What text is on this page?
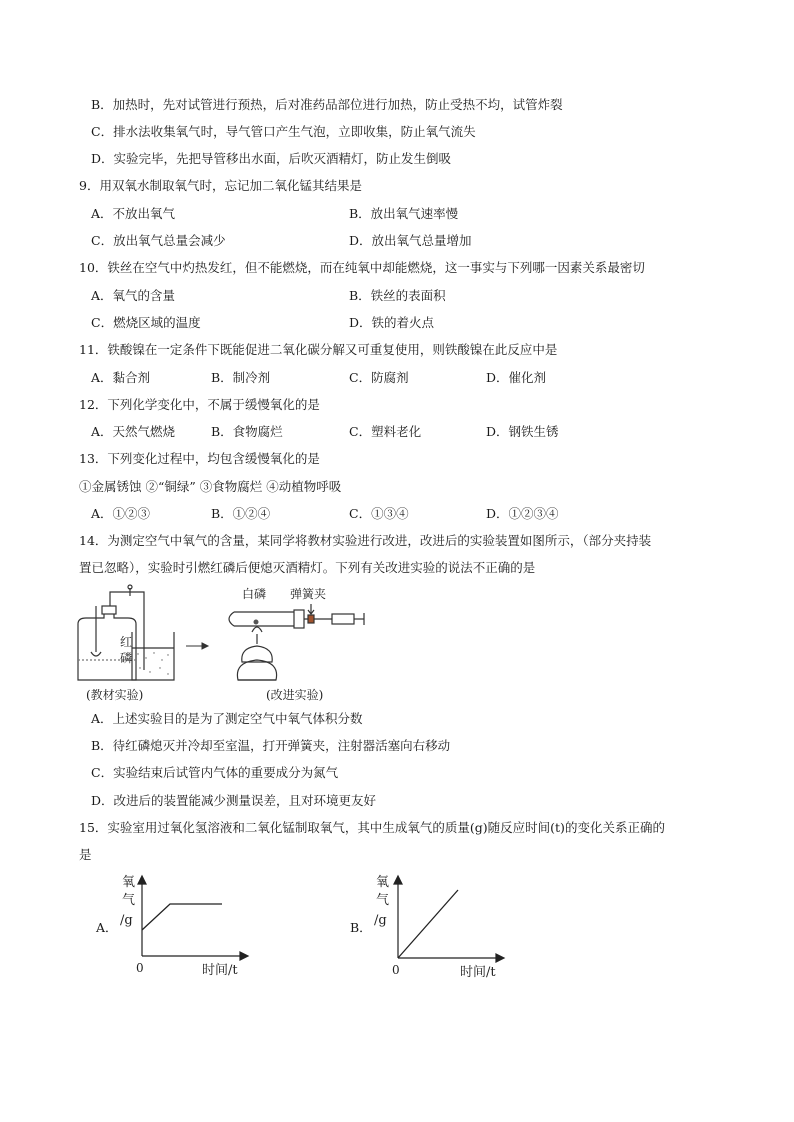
B．加热时，先对试管进行预热，后对准药品部位进行加热，防止受热不均，试管炸裂
C．排水法收集氧气时，导气管口产生气泡，立即收集，防止氧气流失
D．实验完毕，先把导管移出水面，后吹灭酒精灯，防止发生倒吸
9．用双氧水制取氧气时，忘记加二氧化锰其结果是
A．不放出氧气	B．放出氧气速率慢
C．放出氧气总量会减少	D．放出氧气总量增加
10．铁丝在空气中灼热发红，但不能燃烧，而在纯氧中却能燃烧，这一事实与下列哪一因素关系最密切
A．氧气的含量	B．铁丝的表面积
C．燃烧区域的温度	D．铁的着火点
11．铁酸镍在一定条件下既能促进二氧化碳分解又可重复使用，则铁酸镍在此反应中是
A．黏合剂	B．制冷剂	C．防腐剂	D．催化剂
12．下列化学变化中，不属于缓慢氧化的是
A．天然气燃烧	B．食物腐烂	C．塑料老化	D．钢铁生锈
13．下列变化过程中，均包含缓慢氧化的是
①金属锈蚀 ②“铜绿” ③食物腐烂 ④动植物呼吸
A．①②③	B．①②④	C．①③④	D．①②③④
14．为测定空气中氧气的含量，某同学将教材实验进行改进，改进后的实验装置如图所示，（部分夹持装
置已忽略），实验时引燃红磷后便熄灭酒精灯。下列有关改进实验的说法不正确的是
红
磷
(教材实验)
白磷 弹簧夹
(改进实验)
A．上述实验目的是为了测定空气中氧气体积分数
B．待红磷熄灭并冷却至室温，打开弹簧夹，注射器活塞向右移动
C．实验结束后试管内气体的重要成分为氮气
D．改进后的装置能减少测量误差，且对环境更友好
15．实验室用过氧化氢溶液和二氧化锰制取氧气，其中生成氧气的质量(g)随反应时间(t)的变化关系正确的
是
A．
氧
气
/g
0	时间/t
B．
氧
气
/g
0	时间/t
